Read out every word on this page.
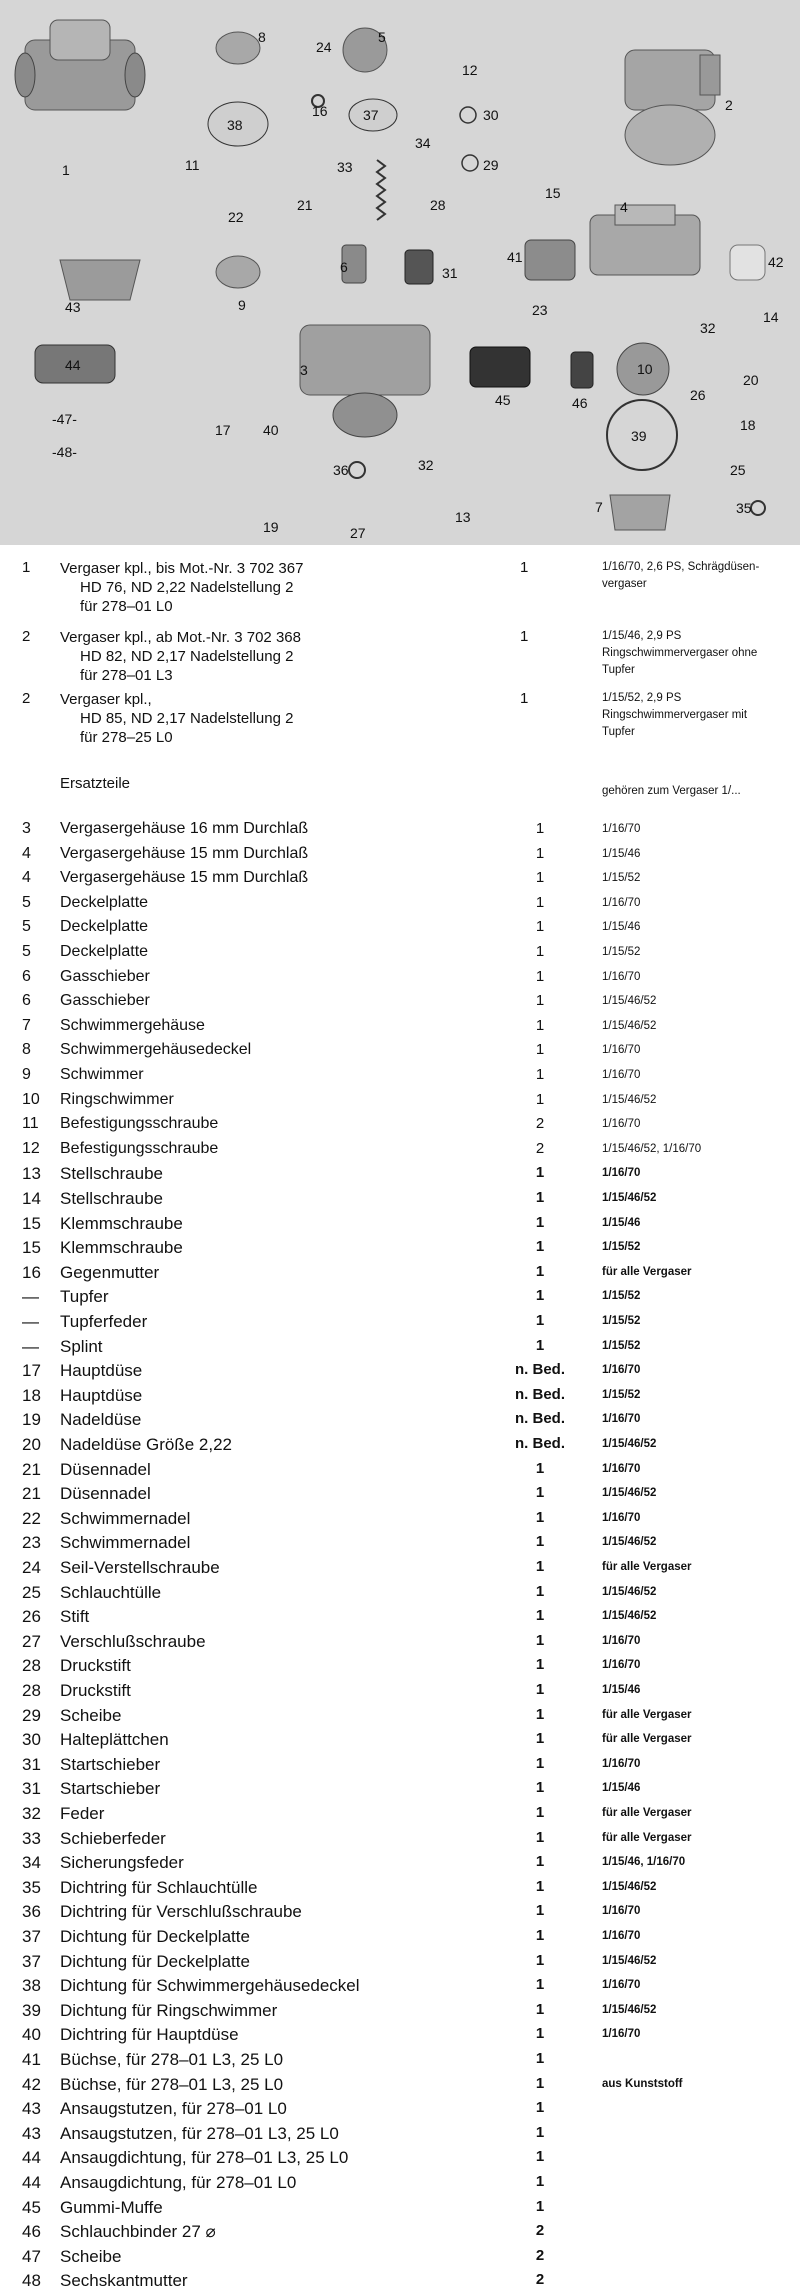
1
2
3
4
5
6
7
8
9
10
11
12
13
14
15
16
17	18
19
20
21
22
23
24
25
26
27
28
29
30
31
32
32
33
34
35
36
37
38
39
40
41	42
43
44
-47-
-48-
45	46
1	Vergaser kpl., bis Mot.-Nr. 3 702 367
HD 76, ND 2,22 Nadelstellung 2
für 278–01 L0
1	1/16/70, 2,6 PS, Schrägdüsen-
vergaser
2	Vergaser kpl., ab Mot.-Nr. 3 702 368
HD 82, ND 2,17 Nadelstellung 2
für 278–01 L3
1	1/15/46, 2,9 PS
Ringschwimmervergaser ohne
Tupfer
2	Vergaser kpl.,
HD 85, ND 2,17 Nadelstellung 2
für 278–25 L0
1	1/15/52, 2,9 PS
Ringschwimmervergaser mit
Tupfer
Ersatzteile	gehören zum Vergaser 1/...
3	Vergasergehäuse 16 mm Durchlaß	1	1/16/70
4	Vergasergehäuse 15 mm Durchlaß	1	1/15/46
4	Vergasergehäuse 15 mm Durchlaß	1	1/15/52
5	Deckelplatte	1	1/16/70
5	Deckelplatte	1	1/15/46
5	Deckelplatte	1	1/15/52
6	Gasschieber	1	1/16/70
6	Gasschieber	1	1/15/46/52
7	Schwimmergehäuse	1	1/15/46/52
8	Schwimmergehäusedeckel	1	1/16/70
9	Schwimmer	1	1/16/70
10	Ringschwimmer	1	1/15/46/52
11	Befestigungsschraube	2	1/16/70
12	Befestigungsschraube	2	1/15/46/52, 1/16/70
13	Stellschraube	1	1/16/70
14	Stellschraube	1	1/15/46/52
15	Klemmschraube	1	1/15/46
15	Klemmschraube	1	1/15/52
16	Gegenmutter	1	für alle Vergaser
—	Tupfer	1	1/15/52
—	Tupferfeder	1	1/15/52
—	Splint	1	1/15/52
17	Hauptdüse	n. Bed.	1/16/70
18	Hauptdüse	n. Bed.	1/15/52
19	Nadeldüse	n. Bed.	1/16/70
20	Nadeldüse Größe 2,22	n. Bed.	1/15/46/52
21	Düsennadel	1	1/16/70
21	Düsennadel	1	1/15/46/52
22	Schwimmernadel	1	1/16/70
23	Schwimmernadel	1	1/15/46/52
24	Seil-Verstellschraube	1	für alle Vergaser
25	Schlauchtülle	1	1/15/46/52
26	Stift	1	1/15/46/52
27	Verschlußschraube	1	1/16/70
28	Druckstift	1	1/16/70
28	Druckstift	1	1/15/46
29	Scheibe	1	für alle Vergaser
30	Halteplättchen	1	für alle Vergaser
31	Startschieber	1	1/16/70
31	Startschieber	1	1/15/46
32	Feder	1	für alle Vergaser
33	Schieberfeder	1	für alle Vergaser
34	Sicherungsfeder	1	1/15/46, 1/16/70
35	Dichtring für Schlauchtülle	1	1/15/46/52
36	Dichtring für Verschlußschraube	1	1/16/70
37	Dichtung für Deckelplatte	1	1/16/70
37	Dichtung für Deckelplatte	1	1/15/46/52
38	Dichtung für Schwimmergehäusedeckel	1	1/16/70
39	Dichtung für Ringschwimmer	1	1/15/46/52
40	Dichtring für Hauptdüse	1	1/16/70
41	Büchse, für 278–01 L3, 25 L0	1
42	Büchse, für 278–01 L3, 25 L0	1	aus Kunststoff
43	Ansaugstutzen, für 278–01 L0	1
43	Ansaugstutzen, für 278–01 L3, 25 L0	1
44	Ansaugdichtung, für 278–01 L3, 25 L0	1
44	Ansaugdichtung, für 278–01 L0	1
45	Gummi-Muffe	1
46	Schlauchbinder 27 ⌀	2
47	Scheibe	2
48	Sechskantmutter	2
